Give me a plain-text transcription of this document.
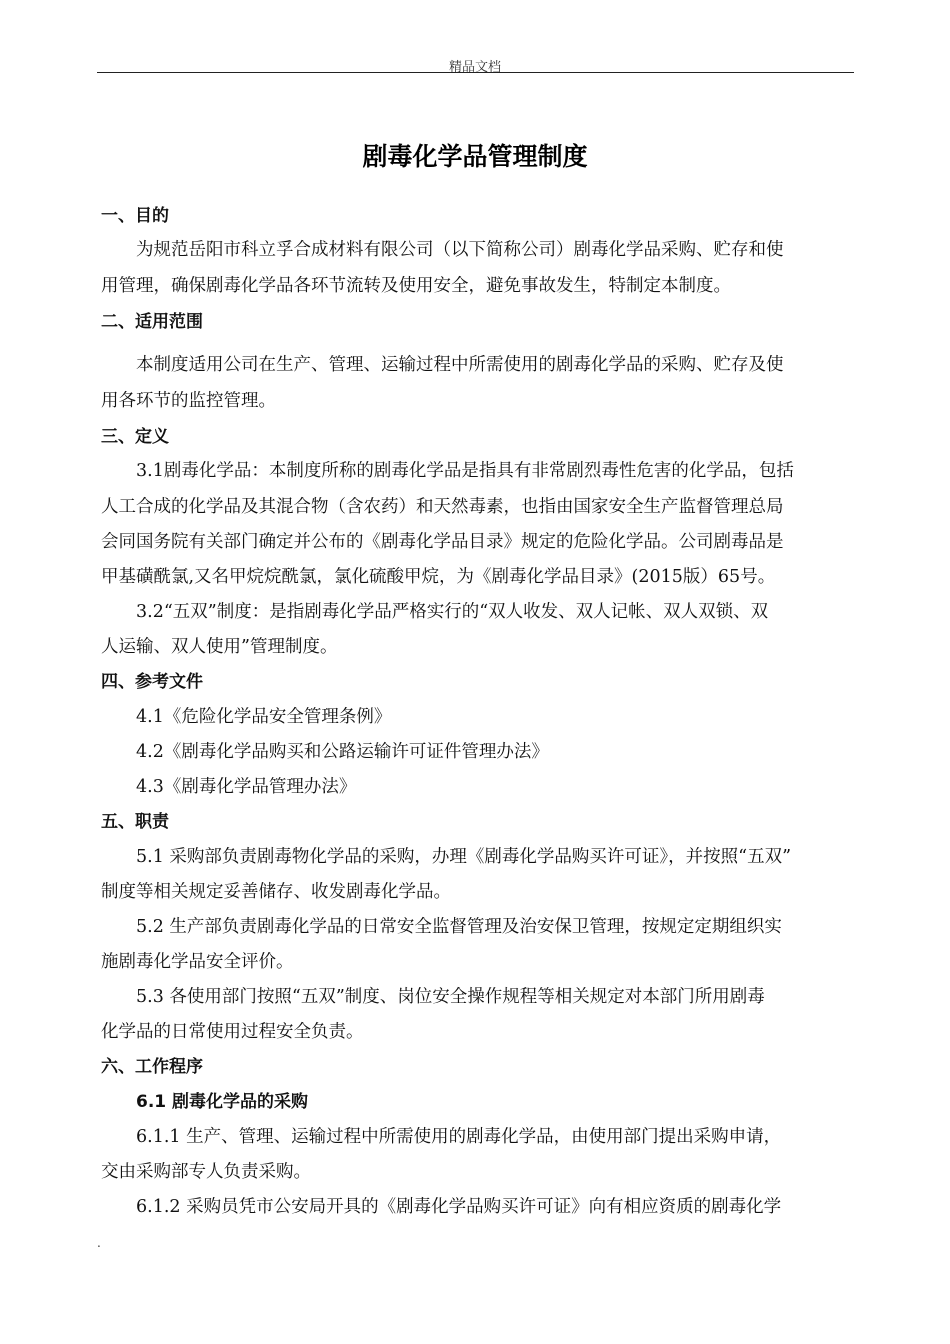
精品文档
剧毒化学品管理制度
一、目的
为规范岳阳市科立孚合成材料有限公司（以下简称公司）剧毒化学品采购、贮存和使
用管理，确保剧毒化学品各环节流转及使用安全，避免事故发生，特制定本制度。
二、适用范围
本制度适用公司在生产、管理、运输过程中所需使用的剧毒化学品的采购、贮存及使
用各环节的监控管理。
三、定义
3.1剧毒化学品：本制度所称的剧毒化学品是指具有非常剧烈毒性危害的化学品，包括
人工合成的化学品及其混合物（含农药）和天然毒素，也指由国家安全生产监督管理总局
会同国务院有关部门确定并公布的《剧毒化学品目录》规定的危险化学品。公司剧毒品是
甲基磺酰氯,又名甲烷烷酰氯，氯化硫酸甲烷，为《剧毒化学品目录》(2015版）65号。
3.2“五双”制度：是指剧毒化学品严格实行的“双人收发、双人记帐、双人双锁、双
人运输、双人使用”管理制度。
四、参考文件
4.1《危险化学品安全管理条例》
4.2《剧毒化学品购买和公路运输许可证件管理办法》
4.3《剧毒化学品管理办法》
五、职责
5.1 采购部负责剧毒物化学品的采购，办理《剧毒化学品购买许可证》，并按照“五双”
制度等相关规定妥善储存、收发剧毒化学品。
5.2 生产部负责剧毒化学品的日常安全监督管理及治安保卫管理，按规定定期组织实
施剧毒化学品安全评价。
5.3 各使用部门按照“五双”制度、岗位安全操作规程等相关规定对本部门所用剧毒
化学品的日常使用过程安全负责。
六、工作程序
6.1 剧毒化学品的采购
6.1.1 生产、管理、运输过程中所需使用的剧毒化学品，由使用部门提出采购申请，
交由采购部专人负责采购。
6.1.2 采购员凭市公安局开具的《剧毒化学品购买许可证》向有相应资质的剧毒化学
.
